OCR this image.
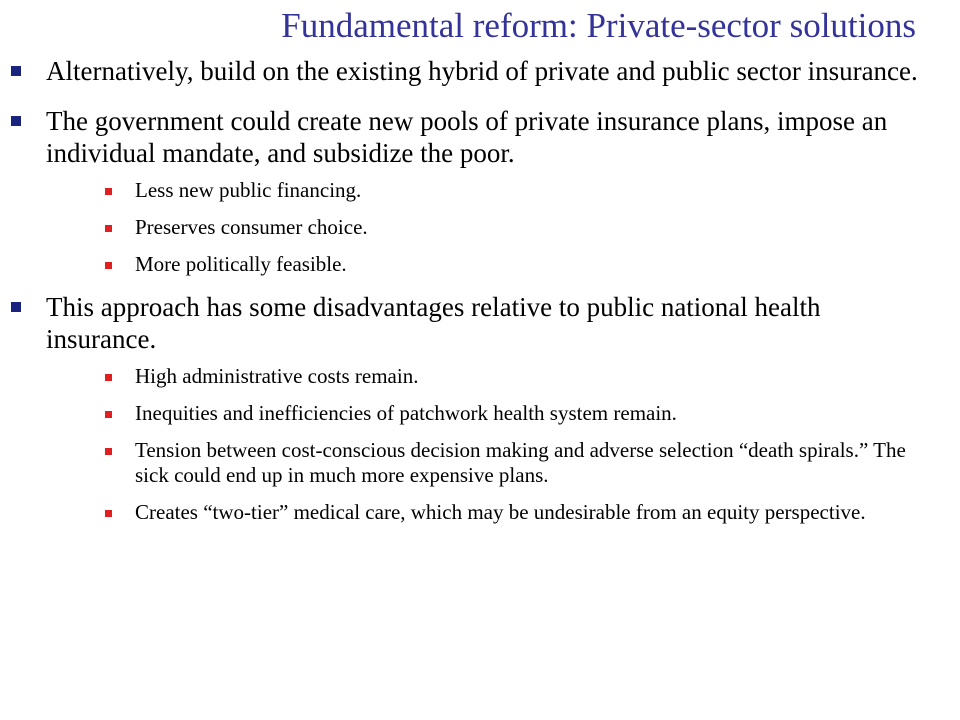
Fundamental reform: Private-sector solutions
Alternatively, build on the existing hybrid of private and public sector insurance.
The government could create new pools of private insurance plans, impose an individual mandate, and subsidize the poor.
Less new public financing.
Preserves consumer choice.
More politically feasible.
This approach has some disadvantages relative to public national health insurance.
High administrative costs remain.
Inequities and inefficiencies of patchwork health system remain.
Tension between cost-conscious decision making and adverse selection “death spirals.” The sick could end up in much more expensive plans.
Creates “two-tier” medical care, which may be undesirable from an equity perspective.
